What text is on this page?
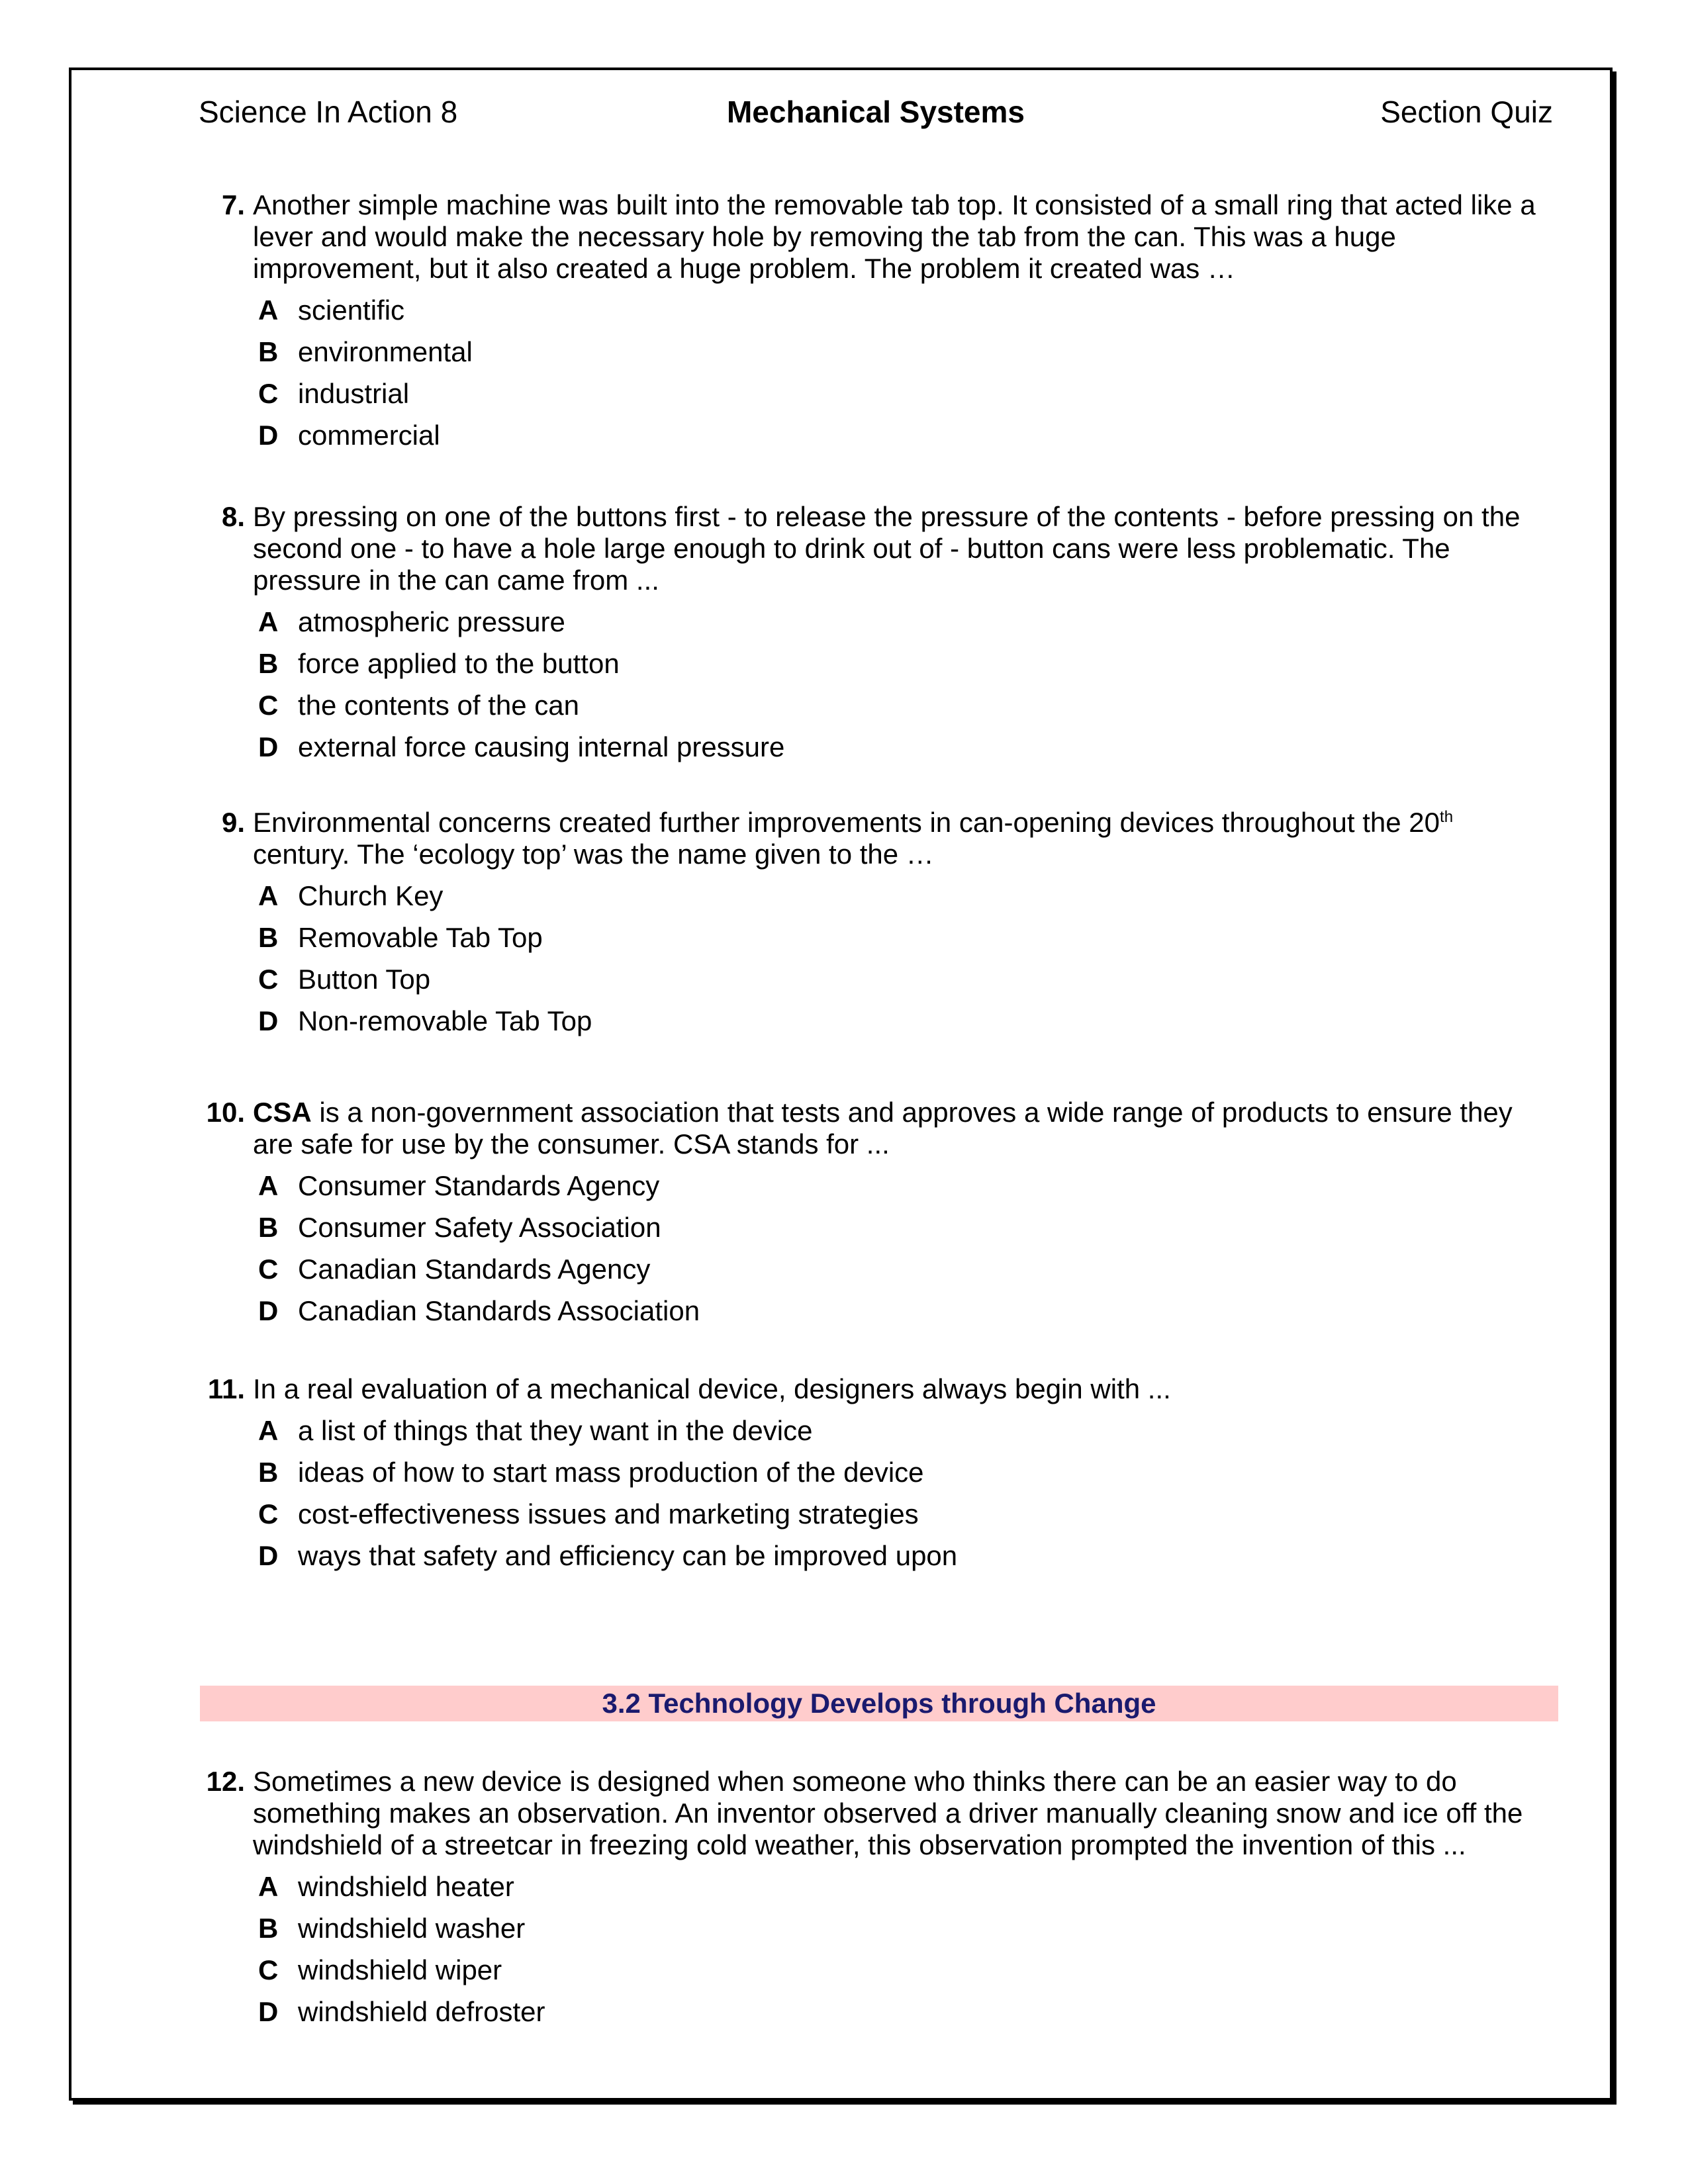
Science In Action 8	Mechanical Systems	Section Quiz
7. Another simple machine was built into the removable tab top. It consisted of a small ring that acted like a lever and would make the necessary hole by removing the tab from the can. This was a huge improvement, but it also created a huge problem. The problem it created was …
A scientific
B environmental
C industrial
D commercial
8. By pressing on one of the buttons first - to release the pressure of the contents - before pressing on the second one - to have a hole large enough to drink out of - button cans were less problematic. The pressure in the can came from ...
A atmospheric pressure
B force applied to the button
C the contents of the can
D external force causing internal pressure
9. Environmental concerns created further improvements in can-opening devices throughout the 20th century. The ‘ecology top’ was the name given to the …
A Church Key
B Removable Tab Top
C Button Top
D Non-removable Tab Top
10. CSA is a non-government association that tests and approves a wide range of products to ensure they are safe for use by the consumer. CSA stands for ...
A Consumer Standards Agency
B Consumer Safety Association
C Canadian Standards Agency
D Canadian Standards Association
11. In a real evaluation of a mechanical device, designers always begin with ...
A a list of things that they want in the device
B ideas of how to start mass production of the device
C cost-effectiveness issues and marketing strategies
D ways that safety and efficiency can be improved upon
3.2 Technology Develops through Change
12. Sometimes a new device is designed when someone who thinks there can be an easier way to do something makes an observation. An inventor observed a driver manually cleaning snow and ice off the windshield of a streetcar in freezing cold weather, this observation prompted the invention of this ...
A windshield heater
B windshield washer
C windshield wiper
D windshield defroster
